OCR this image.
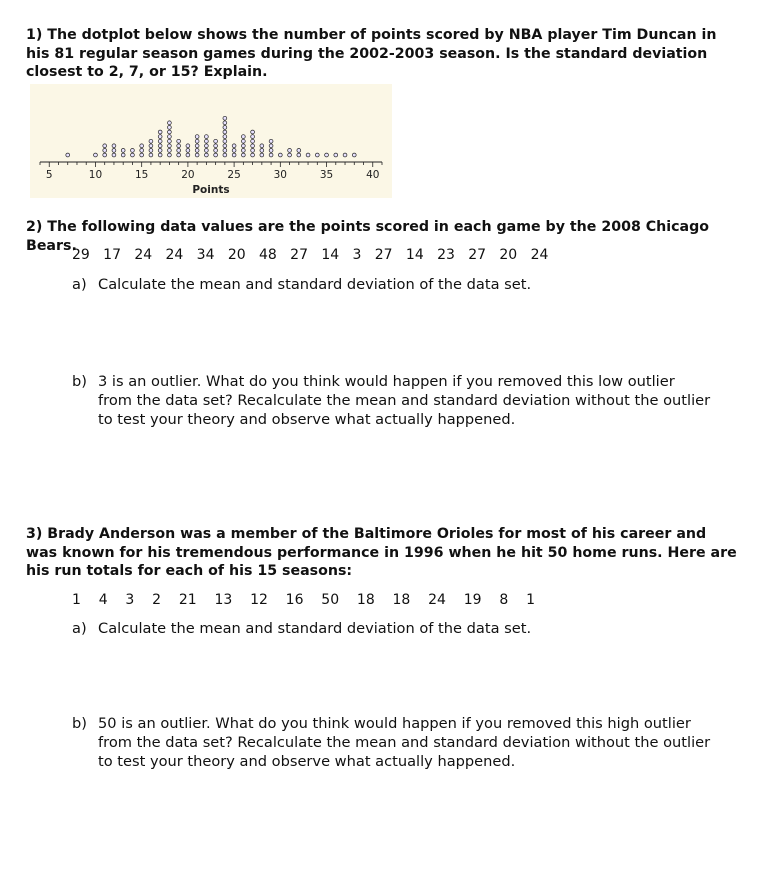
1) The dotplot below shows the number of points scored by NBA player Tim Duncan in his 81 regular season games during the 2002-2003 season. Is the standard deviation closest to 2, 7, or 15? Explain.
5	10	15	20	25	30	35	40
Points
2) The following data values are the points scored in each game by the 2008 Chicago Bears.
29   17   24   24   34   20   48   27   14   3   27   14   23   27   20   24
a) Calculate the mean and standard deviation of the data set.
b) 3 is an outlier. What do you think would happen if you removed this low outlier from the data set? Recalculate the mean and standard deviation without the outlier to test your theory and observe what actually happened.
3) Brady Anderson was a member of the Baltimore Orioles for most of his career and was known for his tremendous performance in 1996 when he hit 50 home runs. Here are his run totals for each of his 15 seasons:
1    4    3    2    21    13    12    16    50    18    18    24    19    8    1
a) Calculate the mean and standard deviation of the data set.
b) 50 is an outlier. What do you think would happen if you removed this high outlier from the data set? Recalculate the mean and standard deviation without the outlier to test your theory and observe what actually happened.
